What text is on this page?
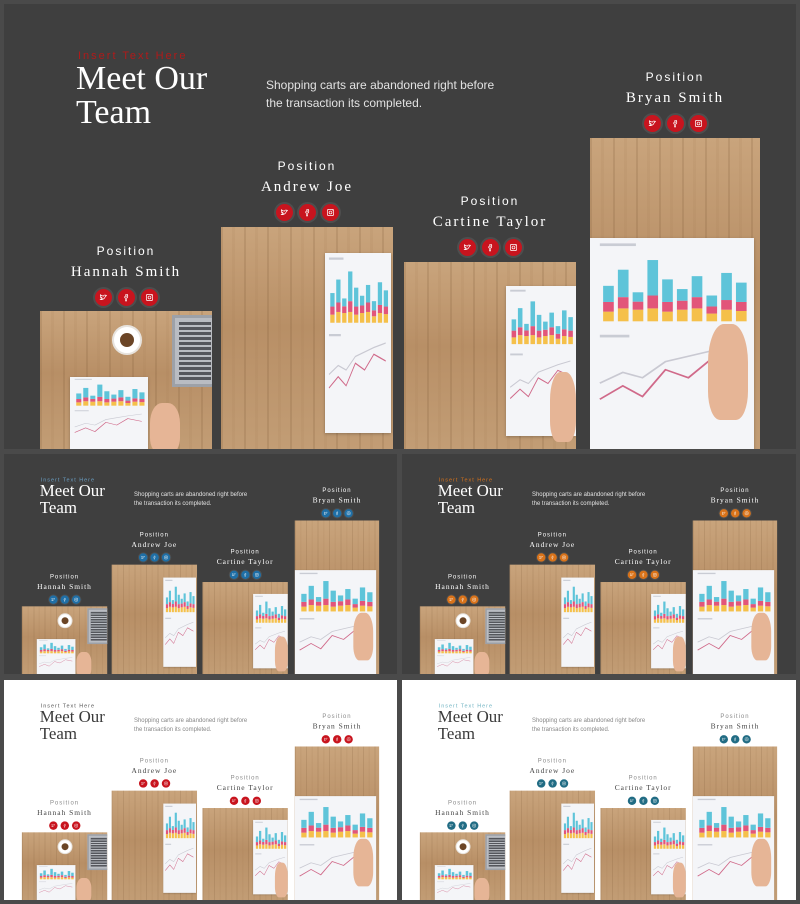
Insert Text Here
Meet Our
Team
Shopping carts are abandoned right before the transaction its completed.
Position
Hannah Smith
Position
Andrew Joe
Position
Cartine Taylor
Position
Bryan Smith
Insert Text Here
Meet Our
Team
Shopping carts are abandoned right before the transaction its completed.
Position
Hannah Smith
Position
Andrew Joe
Position
Cartine Taylor
Position
Bryan Smith
Insert Text Here
Meet Our
Team
Shopping carts are abandoned right before the transaction its completed.
Position
Hannah Smith
Position
Andrew Joe
Position
Cartine Taylor
Position
Bryan Smith
Insert Text Here
Meet Our
Team
Shopping carts are abandoned right before the transaction its completed.
Position
Hannah Smith
Position
Andrew Joe
Position
Cartine Taylor
Position
Bryan Smith
Insert Text Here
Meet Our
Team
Shopping carts are abandoned right before the transaction its completed.
Position
Hannah Smith
Position
Andrew Joe
Position
Cartine Taylor
Position
Bryan Smith
